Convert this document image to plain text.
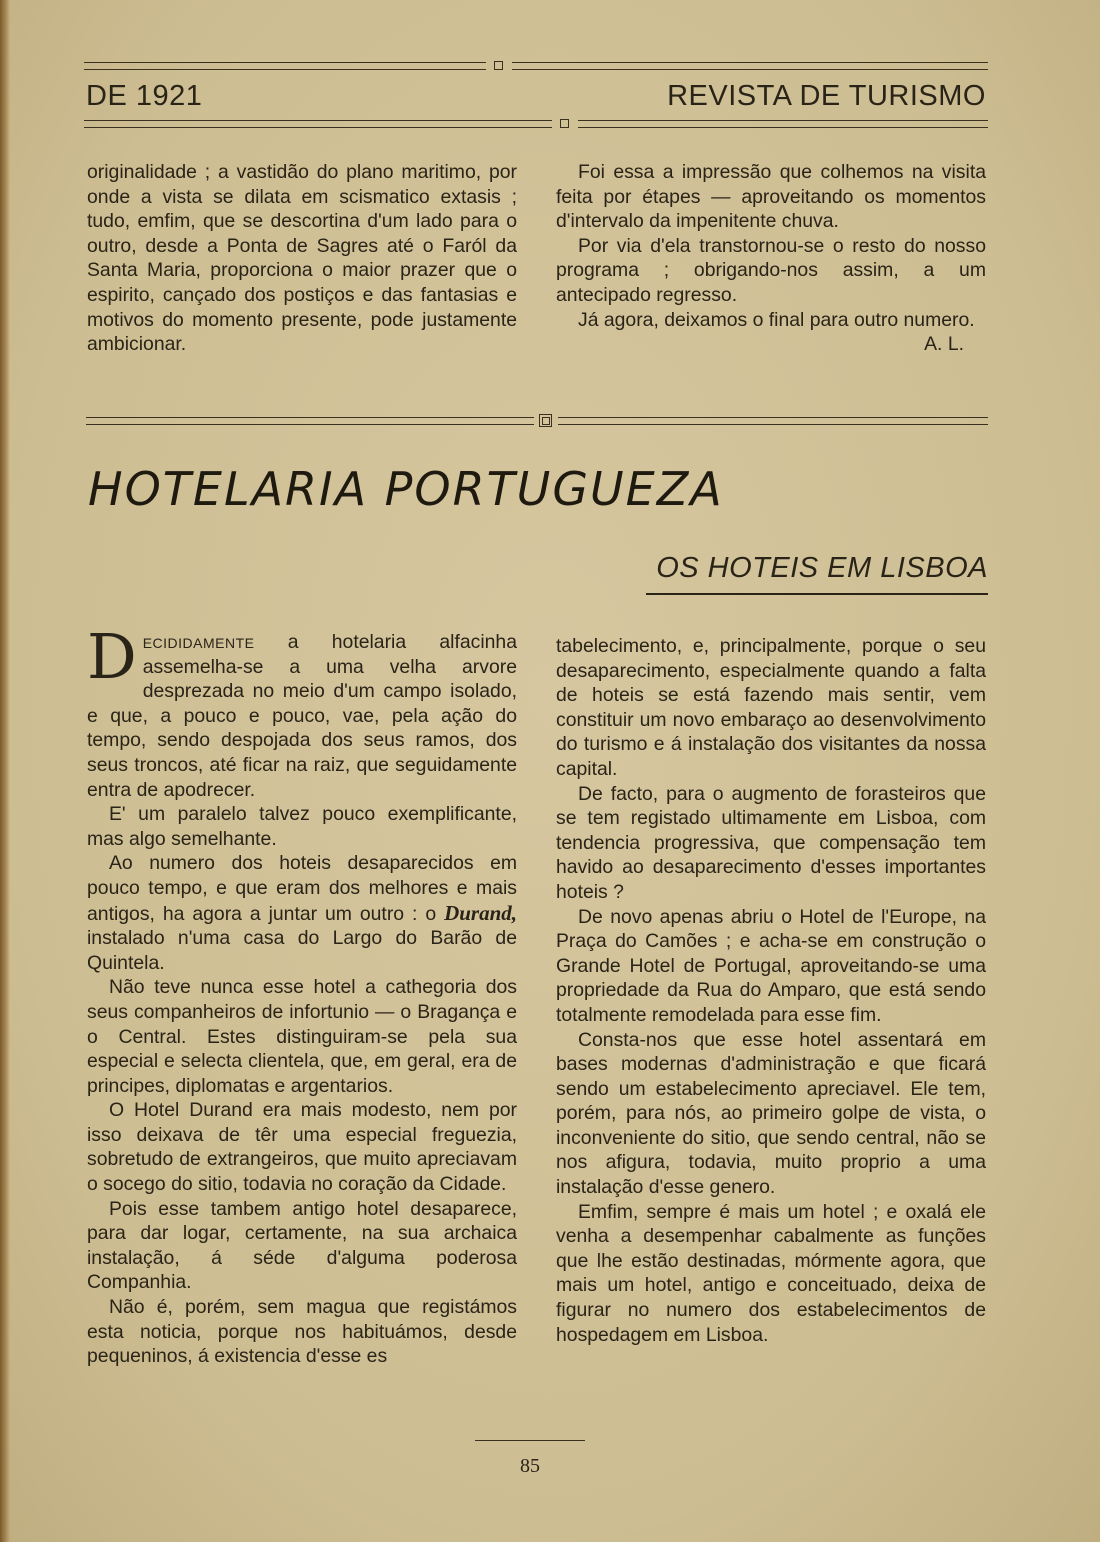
DE 1921	REVISTA DE TURISMO

originalidade ; a vastidão do plano maritimo, por onde a vista se dilata em scismatico extasis ; tudo, emfim, que se descortina d'um lado para o outro, desde a Ponta de Sagres até o Faról da Santa Maria, proporciona o maior prazer que o espirito, cançado dos postiços e das fantasias e motivos do momento presente, pode justamente ambicionar.

Foi essa a impressão que colhemos na visita feita por étapes — aproveitando os momentos d'intervalo da impenitente chuva.

Por via d'ela transtornou-se o resto do nosso programa ; obrigando-nos assim, a um antecipado regresso.

Já agora, deixamos o final para outro numero.

A. L.

HOTELARIA PORTUGUEZA
OS HOTEIS EM LISBOA

Decididamente a hotelaria alfacinha assemelha-se a uma velha arvore desprezada no meio d'um campo isolado, e que, a pouco e pouco, vae, pela ação do tempo, sendo despojada dos seus ramos, dos seus troncos, até ficar na raiz, que seguidamente entra de apodrecer.

E' um paralelo talvez pouco exemplificante, mas algo semelhante.

Ao numero dos hoteis desaparecidos em pouco tempo, e que eram dos melhores e mais antigos, ha agora a juntar um outro : o Durand, instalado n'uma casa do Largo do Barão de Quintela.

Não teve nunca esse hotel a cathegoria dos seus companheiros de infortunio — o Bragança e o Central. Estes distinguiram-se pela sua especial e selecta clientela, que, em geral, era de principes, diplomatas e argentarios.

O Hotel Durand era mais modesto, nem por isso deixava de têr uma especial freguezia, sobretudo de extrangeiros, que muito apreciavam o socego do sitio, todavia no coração da Cidade.

Pois esse tambem antigo hotel desaparece, para dar logar, certamente, na sua archaica instalação, á séde d'alguma poderosa Companhia.

Não é, porém, sem magua que registámos esta noticia, porque nos habituámos, desde pequeninos, á existencia d'esse es

tabelecimento, e, principalmente, porque o seu desaparecimento, especialmente quando a falta de hoteis se está fazendo mais sentir, vem constituir um novo embaraço ao desenvolvimento do turismo e á instalação dos visitantes da nossa capital.

De facto, para o augmento de forasteiros que se tem registado ultimamente em Lisboa, com tendencia progressiva, que compensação tem havido ao desaparecimento d'esses importantes hoteis ?

De novo apenas abriu o Hotel de l'Europe, na Praça do Camões ; e acha-se em construção o Grande Hotel de Portugal, aproveitando-se uma propriedade da Rua do Amparo, que está sendo totalmente remodelada para esse fim.

Consta-nos que esse hotel assentará em bases modernas d'administração e que ficará sendo um estabelecimento apreciavel. Ele tem, porém, para nós, ao primeiro golpe de vista, o inconveniente do sitio, que sendo central, não se nos afigura, todavia, muito proprio a uma instalação d'esse genero.

Emfim, sempre é mais um hotel ; e oxalá ele venha a desempenhar cabalmente as funções que lhe estão destinadas, mórmente agora, que mais um hotel, antigo e conceituado, deixa de figurar no numero dos estabelecimentos de hospedagem em Lisboa.

85
